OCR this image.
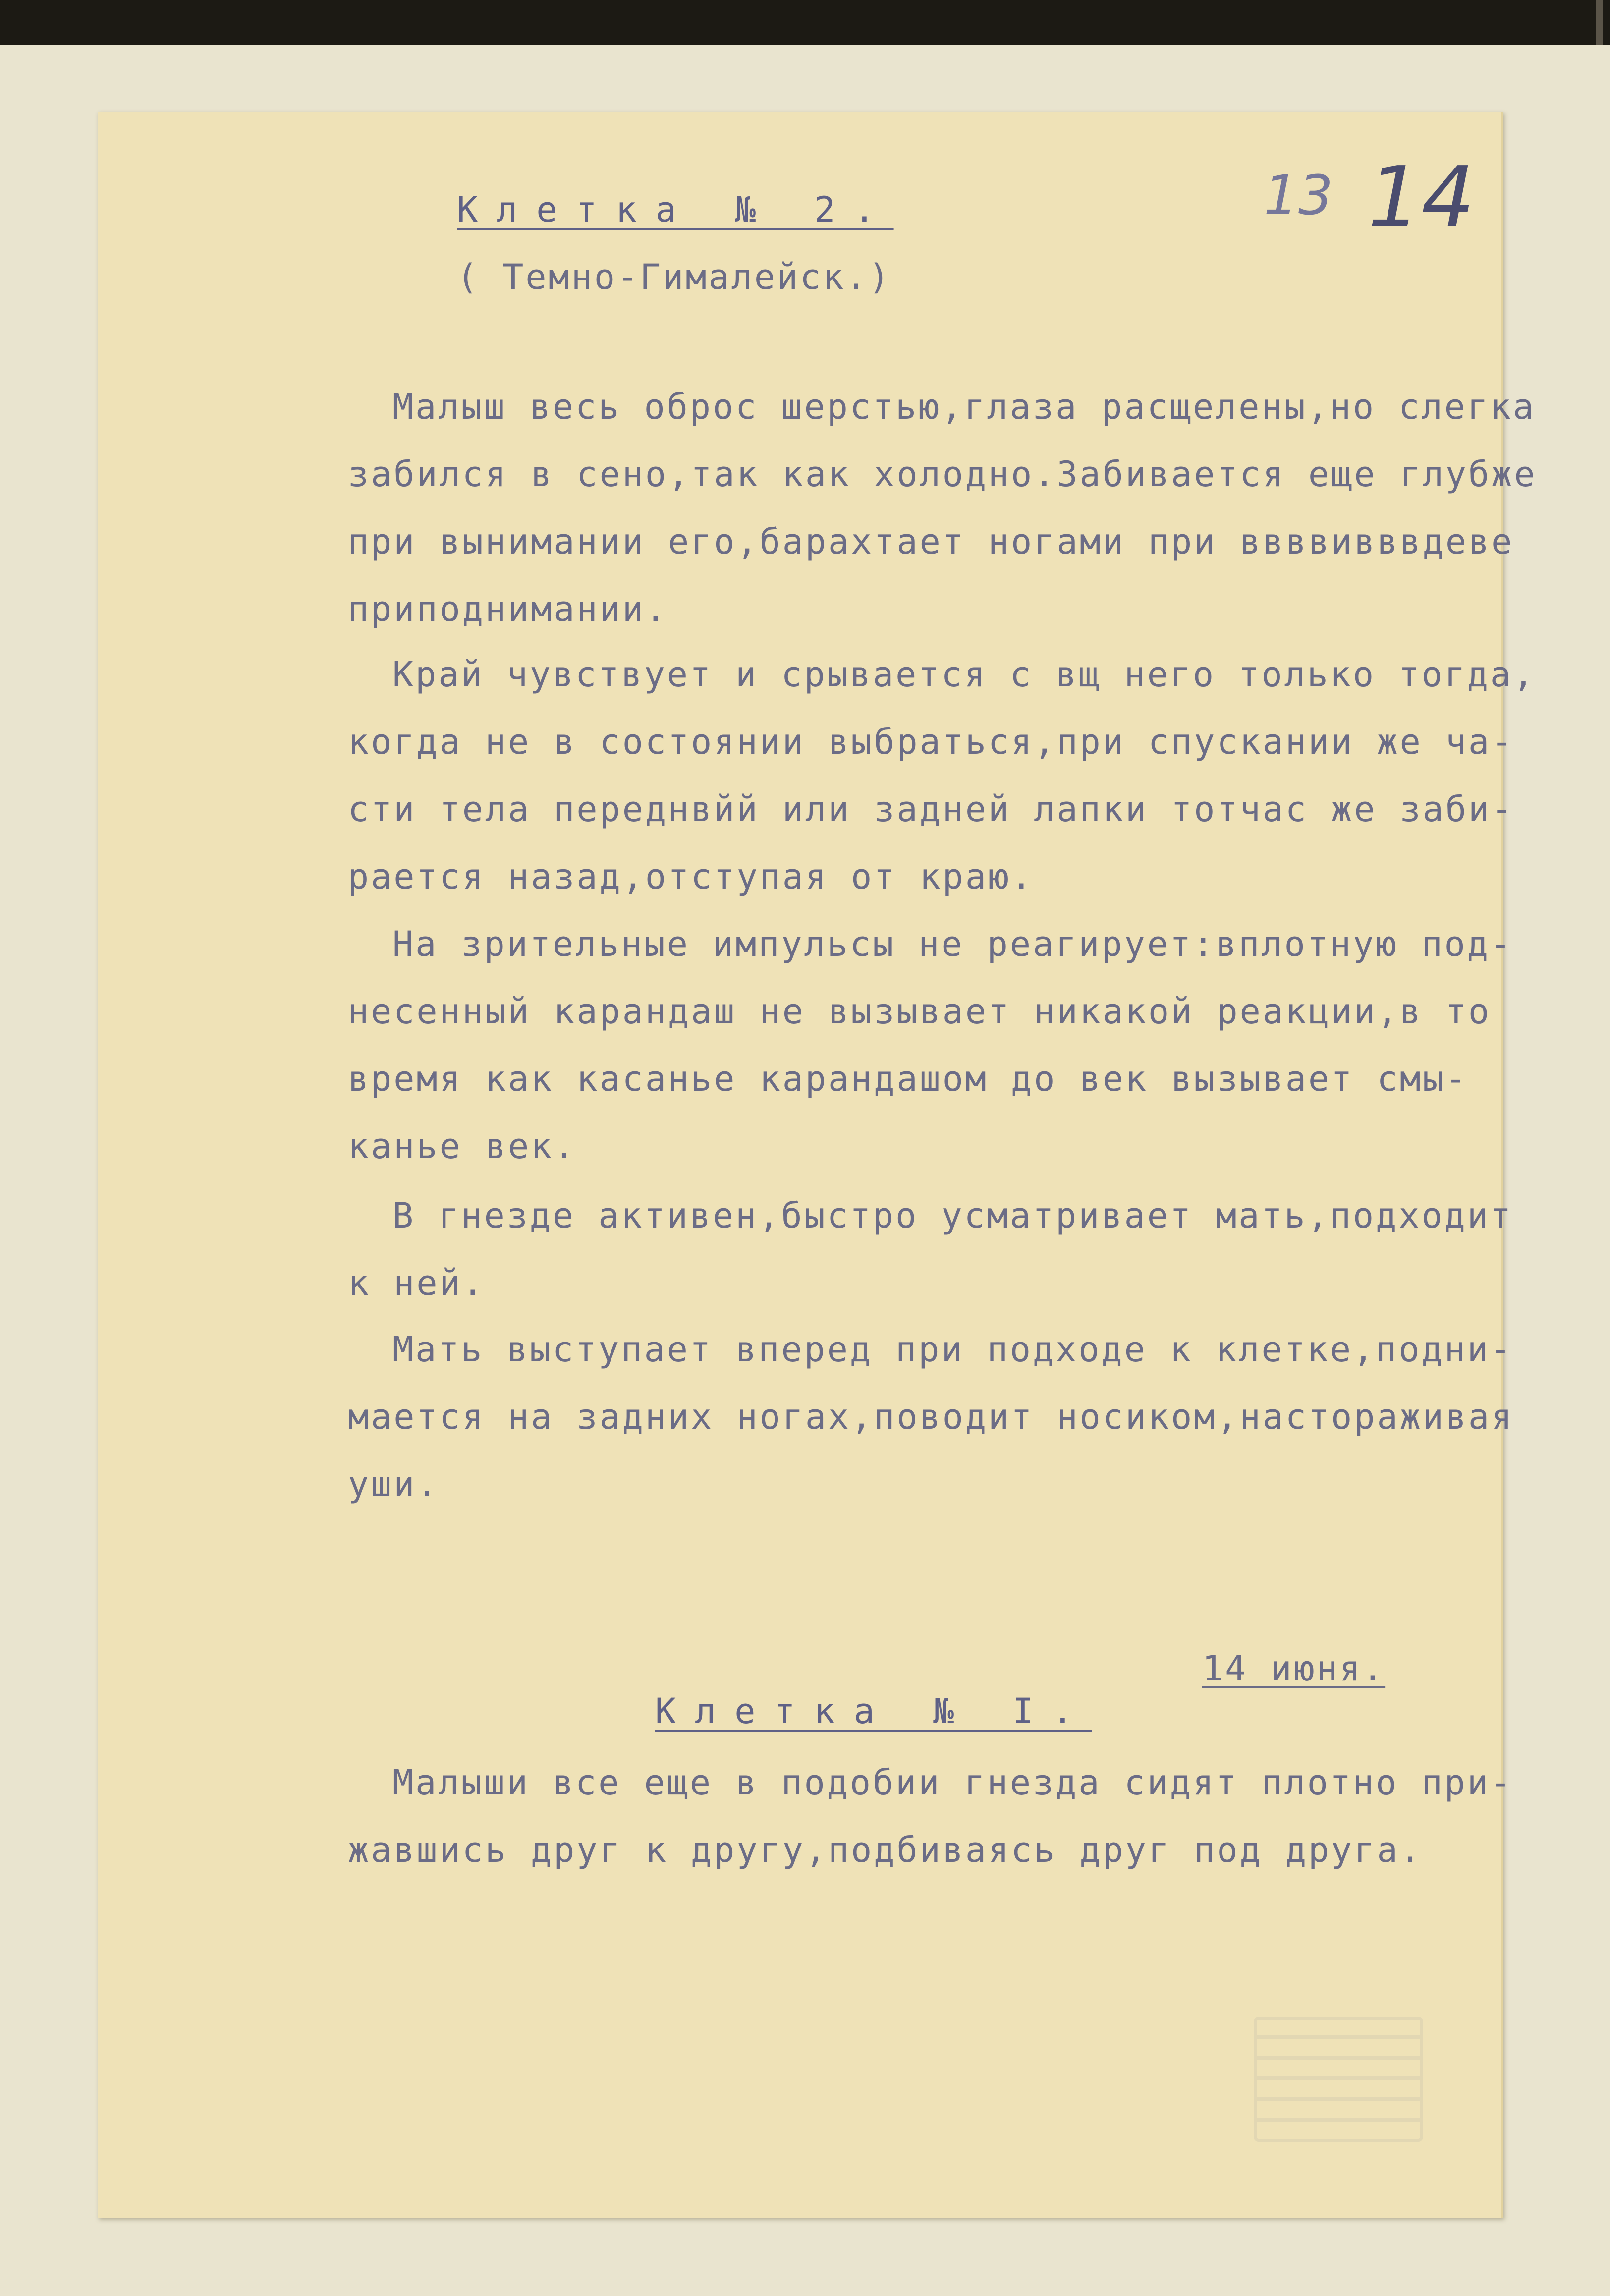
13 14
Клетка № 2.
( Темно-Гималейск.)
Малыш весь оброс шерстью,глаза расщелены,но слегка
забился в сено,так как холодно.Забивается еще глубже
при вынимании его,барахтает ногами при ввввивввдеве
приподнимании.
Край чувствует и срывается с вщ него только тогда,
когда не в состоянии выбраться,при спускании же ча-
сти тела переднвйй или задней лапки тотчас же заби-
рается назад,отступая от краю.
На зрительные импульсы не реагирует:вплотную под-
несенный карандаш не вызывает никакой реакции,в то
время как касанье карандашом до век вызывает смы-
канье век.
В гнезде активен,быстро усматривает мать,подходит
к ней.
Мать выступает вперед при подходе к клетке,подни-
мается на задних ногах,поводит носиком,настораживая
уши.
14 июня.
Клетка № I.
Малыши все еще в подобии гнезда сидят плотно при-
жавшись друг к другу,подбиваясь друг под друга.
